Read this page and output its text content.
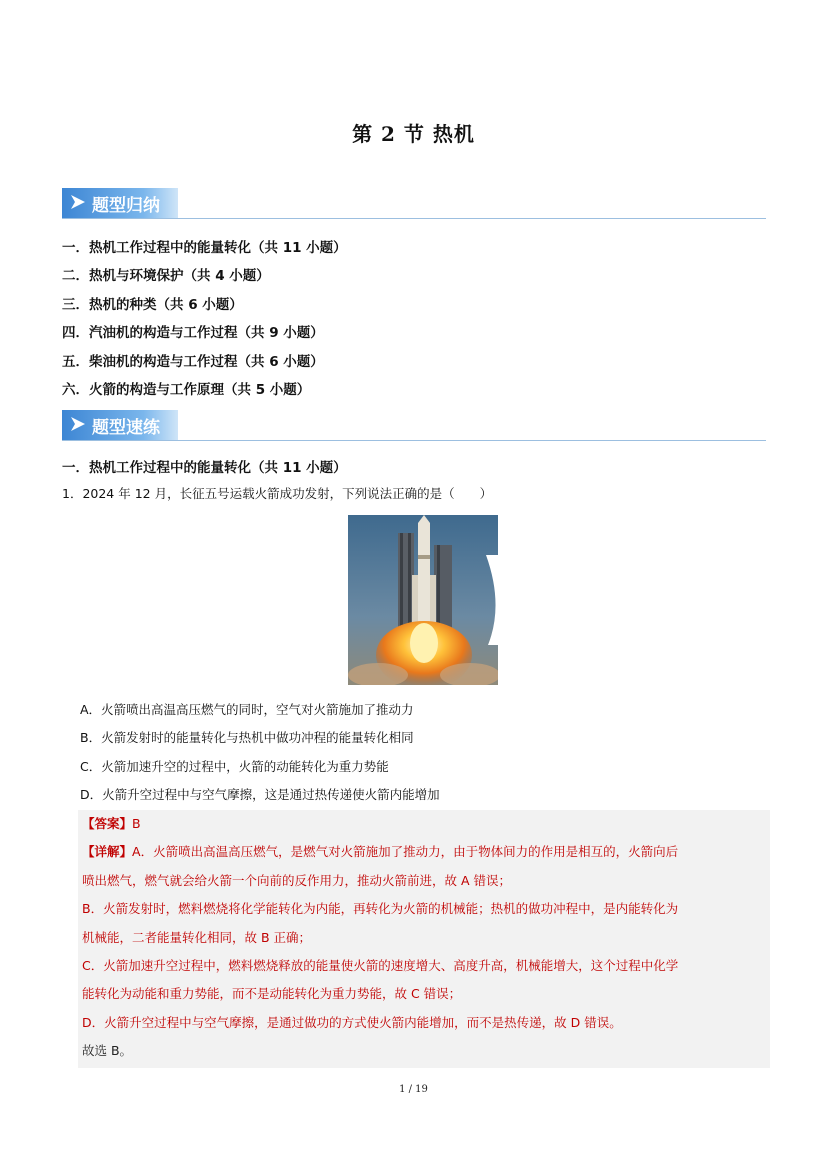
第 2 节 热机
题型归纳
一．热机工作过程中的能量转化（共 11 小题）
二．热机与环境保护（共 4 小题）
三．热机的种类（共 6 小题）
四．汽油机的构造与工作过程（共 9 小题）
五．柴油机的构造与工作过程（共 6 小题）
六．火箭的构造与工作原理（共 5 小题）
题型速练
一．热机工作过程中的能量转化（共 11 小题）
1．2024 年 12 月，长征五号运载火箭成功发射，下列说法正确的是（　　）
A．火箭喷出高温高压燃气的同时，空气对火箭施加了推动力
B．火箭发射时的能量转化与热机中做功冲程的能量转化相同
C．火箭加速升空的过程中，火箭的动能转化为重力势能
D．火箭升空过程中与空气摩擦，这是通过热传递使火箭内能增加
【答案】B
【详解】A．火箭喷出高温高压燃气，是燃气对火箭施加了推动力，由于物体间力的作用是相互的，火箭向后
喷出燃气，燃气就会给火箭一个向前的反作用力，推动火箭前进，故 A 错误；
B．火箭发射时，燃料燃烧将化学能转化为内能，再转化为火箭的机械能；热机的做功冲程中，是内能转化为
机械能，二者能量转化相同，故 B 正确；
C．火箭加速升空过程中，燃料燃烧释放的能量使火箭的速度增大、高度升高，机械能增大，这个过程中化学
能转化为动能和重力势能，而不是动能转化为重力势能，故 C 错误；
D．火箭升空过程中与空气摩擦，是通过做功的方式使火箭内能增加，而不是热传递，故 D 错误。
故选 B。
1 / 19
